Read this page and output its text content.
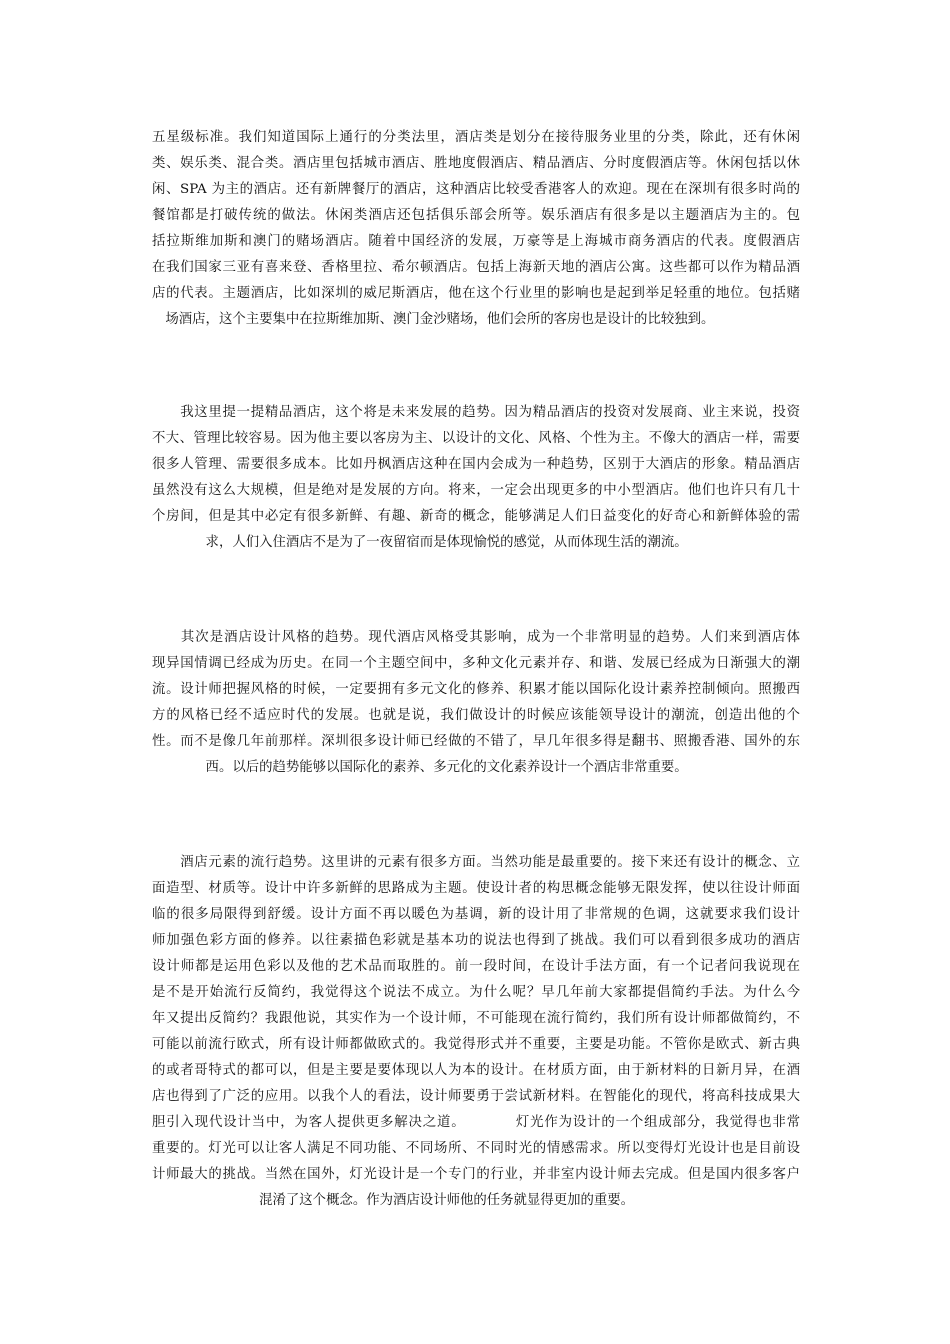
五星级标准。我们知道国际上通行的分类法里，酒店类是划分在接待服务业里的分类，除此，还有休闲
类、娱乐类、混合类。酒店里包括城市酒店、胜地度假酒店、精品酒店、分时度假酒店等。休闲包括以休
闲、SPA 为主的酒店。还有新牌餐厅的酒店，这种酒店比较受香港客人的欢迎。现在在深圳有很多时尚的
餐馆都是打破传统的做法。休闲类酒店还包括俱乐部会所等。娱乐酒店有很多是以主题酒店为主的。包
括拉斯维加斯和澳门的赌场酒店。随着中国经济的发展，万豪等是上海城市商务酒店的代表。度假酒店
在我们国家三亚有喜来登、香格里拉、希尔顿酒店。包括上海新天地的酒店公寓。这些都可以作为精品酒
店的代表。主题酒店，比如深圳的威尼斯酒店，他在这个行业里的影响也是起到举足轻重的地位。包括赌
　场酒店，这个主要集中在拉斯维加斯、澳门金沙赌场，他们会所的客房也是设计的比较独到。
　　我这里提一提精品酒店，这个将是未来发展的趋势。因为精品酒店的投资对发展商、业主来说，投资
不大、管理比较容易。因为他主要以客房为主、以设计的文化、风格、个性为主。不像大的酒店一样，需要
很多人管理、需要很多成本。比如丹枫酒店这种在国内会成为一种趋势，区别于大酒店的形象。精品酒店
虽然没有这么大规模，但是绝对是发展的方向。将来，一定会出现更多的中小型酒店。他们也许只有几十
个房间，但是其中必定有很多新鲜、有趣、新奇的概念，能够满足人们日益变化的好奇心和新鲜体验的需
　　　　求，人们入住酒店不是为了一夜留宿而是体现愉悦的感觉，从而体现生活的潮流。
　　其次是酒店设计风格的趋势。现代酒店风格受其影响，成为一个非常明显的趋势。人们来到酒店体
现异国情调已经成为历史。在同一个主题空间中，多种文化元素并存、和谐、发展已经成为日渐强大的潮
流。设计师把握风格的时候，一定要拥有多元文化的修养、积累才能以国际化设计素养控制倾向。照搬西
方的风格已经不适应时代的发展。也就是说，我们做设计的时候应该能领导设计的潮流，创造出他的个
性。而不是像几年前那样。深圳很多设计师已经做的不错了，早几年很多得是翻书、照搬香港、国外的东
　　　　西。以后的趋势能够以国际化的素养、多元化的文化素养设计一个酒店非常重要。
　　酒店元素的流行趋势。这里讲的元素有很多方面。当然功能是最重要的。接下来还有设计的概念、立
面造型、材质等。设计中许多新鲜的思路成为主题。使设计者的构思概念能够无限发挥，使以往设计师面
临的很多局限得到舒缓。设计方面不再以暖色为基调，新的设计用了非常规的色调，这就要求我们设计
师加强色彩方面的修养。以往素描色彩就是基本功的说法也得到了挑战。我们可以看到很多成功的酒店
设计师都是运用色彩以及他的艺术品而取胜的。前一段时间，在设计手法方面，有一个记者问我说现在
是不是开始流行反简约，我觉得这个说法不成立。为什么呢？早几年前大家都提倡简约手法。为什么今
年又提出反简约？我跟他说，其实作为一个设计师，不可能现在流行简约，我们所有设计师都做简约，不
可能以前流行欧式，所有设计师都做欧式的。我觉得形式并不重要，主要是功能。不管你是欧式、新古典
的或者哥特式的都可以，但是主要是要体现以人为本的设计。在材质方面，由于新材料的日新月异，在酒
店也得到了广泛的应用。以我个人的看法，设计师要勇于尝试新材料。在智能化的现代，将高科技成果大
胆引入现代设计当中，为客人提供更多解决之道。　　　　灯光作为设计的一个组成部分，我觉得也非常
重要的。灯光可以让客人满足不同功能、不同场所、不同时光的情感需求。所以变得灯光设计也是目前设
计师最大的挑战。当然在国外，灯光设计是一个专门的行业，并非室内设计师去完成。但是国内很多客户
　　　　　　　　混淆了这个概念。作为酒店设计师他的任务就显得更加的重要。
